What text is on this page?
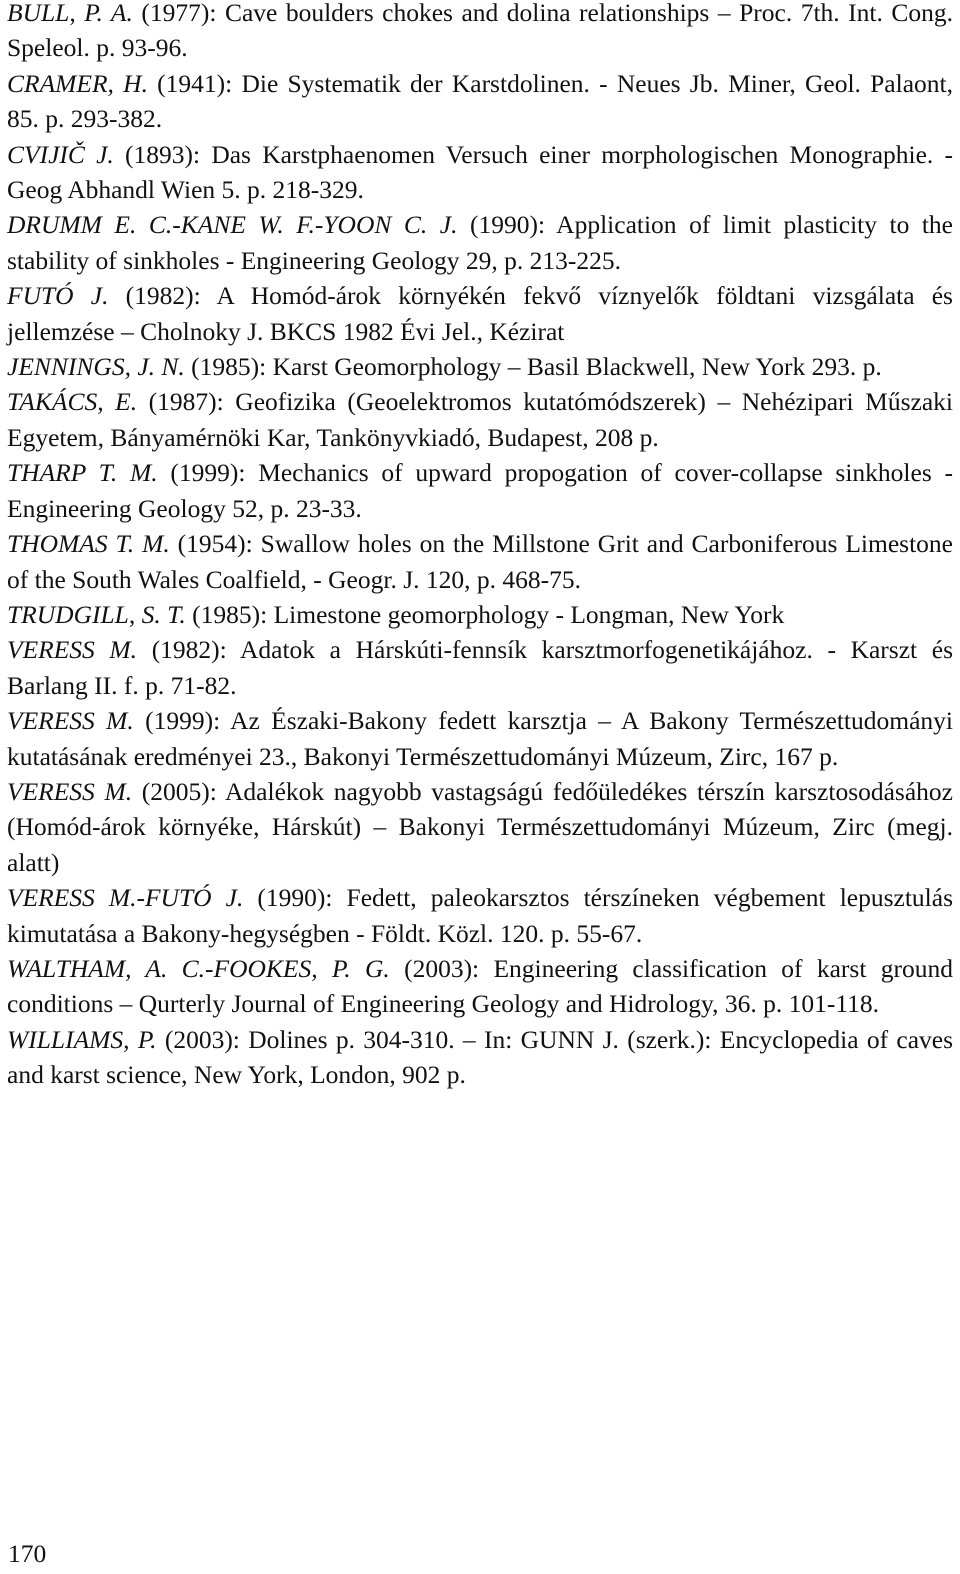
BULL, P. A. (1977): Cave boulders chokes and dolina relationships – Proc. 7th. Int. Cong. Speleol. p. 93-96.

CRAMER, H. (1941): Die Systematik der Karstdolinen. - Neues Jb. Miner, Geol. Palaont, 85. p. 293-382.

CVIJIČ J. (1893): Das Karstphaenomen Versuch einer morphologischen Monographie. - Geog Abhandl Wien 5. p. 218-329.

DRUMM E. C.-KANE W. F.-YOON C. J. (1990): Application of limit plasticity to the stability of sinkholes - Engineering Geology 29, p. 213-225.

FUTÓ J. (1982): A Homód-árok környékén fekvő víznyelők földtani vizsgálata és jellemzése – Cholnoky J. BKCS 1982 Évi Jel., Kézirat

JENNINGS, J. N. (1985): Karst Geomorphology – Basil Blackwell, New York 293. p.

TAKÁCS, E. (1987): Geofizika (Geoelektromos kutatómódszerek) – Nehézipari Műszaki Egyetem, Bányamérnöki Kar, Tankönyvkiadó, Budapest, 208 p.

THARP T. M. (1999): Mechanics of upward propogation of cover-collapse sinkholes - Engineering Geology 52, p. 23-33.

THOMAS T. M. (1954): Swallow holes on the Millstone Grit and Carboniferous Limestone of the South Wales Coalfield, - Geogr. J. 120, p. 468-75.

TRUDGILL, S. T. (1985): Limestone geomorphology - Longman, New York

VERESS M. (1982): Adatok a Hárskúti-fennsík karsztmorfogenetikájához. - Karszt és Barlang II. f. p. 71-82.

VERESS M. (1999): Az Északi-Bakony fedett karsztja – A Bakony Természettudományi kutatásának eredményei 23., Bakonyi Természettudományi Múzeum, Zirc, 167 p.

VERESS M. (2005): Adalékok nagyobb vastagságú fedőüledékes térszín karsztosodásához (Homód-árok környéke, Hárskút) – Bakonyi Természettudományi Múzeum, Zirc (megj. alatt)

VERESS M.-FUTÓ J. (1990): Fedett, paleokarsztos térszíneken végbement lepusztulás kimutatása a Bakony-hegységben - Földt. Közl. 120. p. 55-67.

WALTHAM, A. C.-FOOKES, P. G. (2003): Engineering classification of karst ground conditions – Qurterly Journal of Engineering Geology and Hidrology, 36. p. 101-118.

WILLIAMS, P. (2003): Dolines p. 304-310. – In: GUNN J. (szerk.): Encyclopedia of caves and karst science, New York, London, 902 p.

170
